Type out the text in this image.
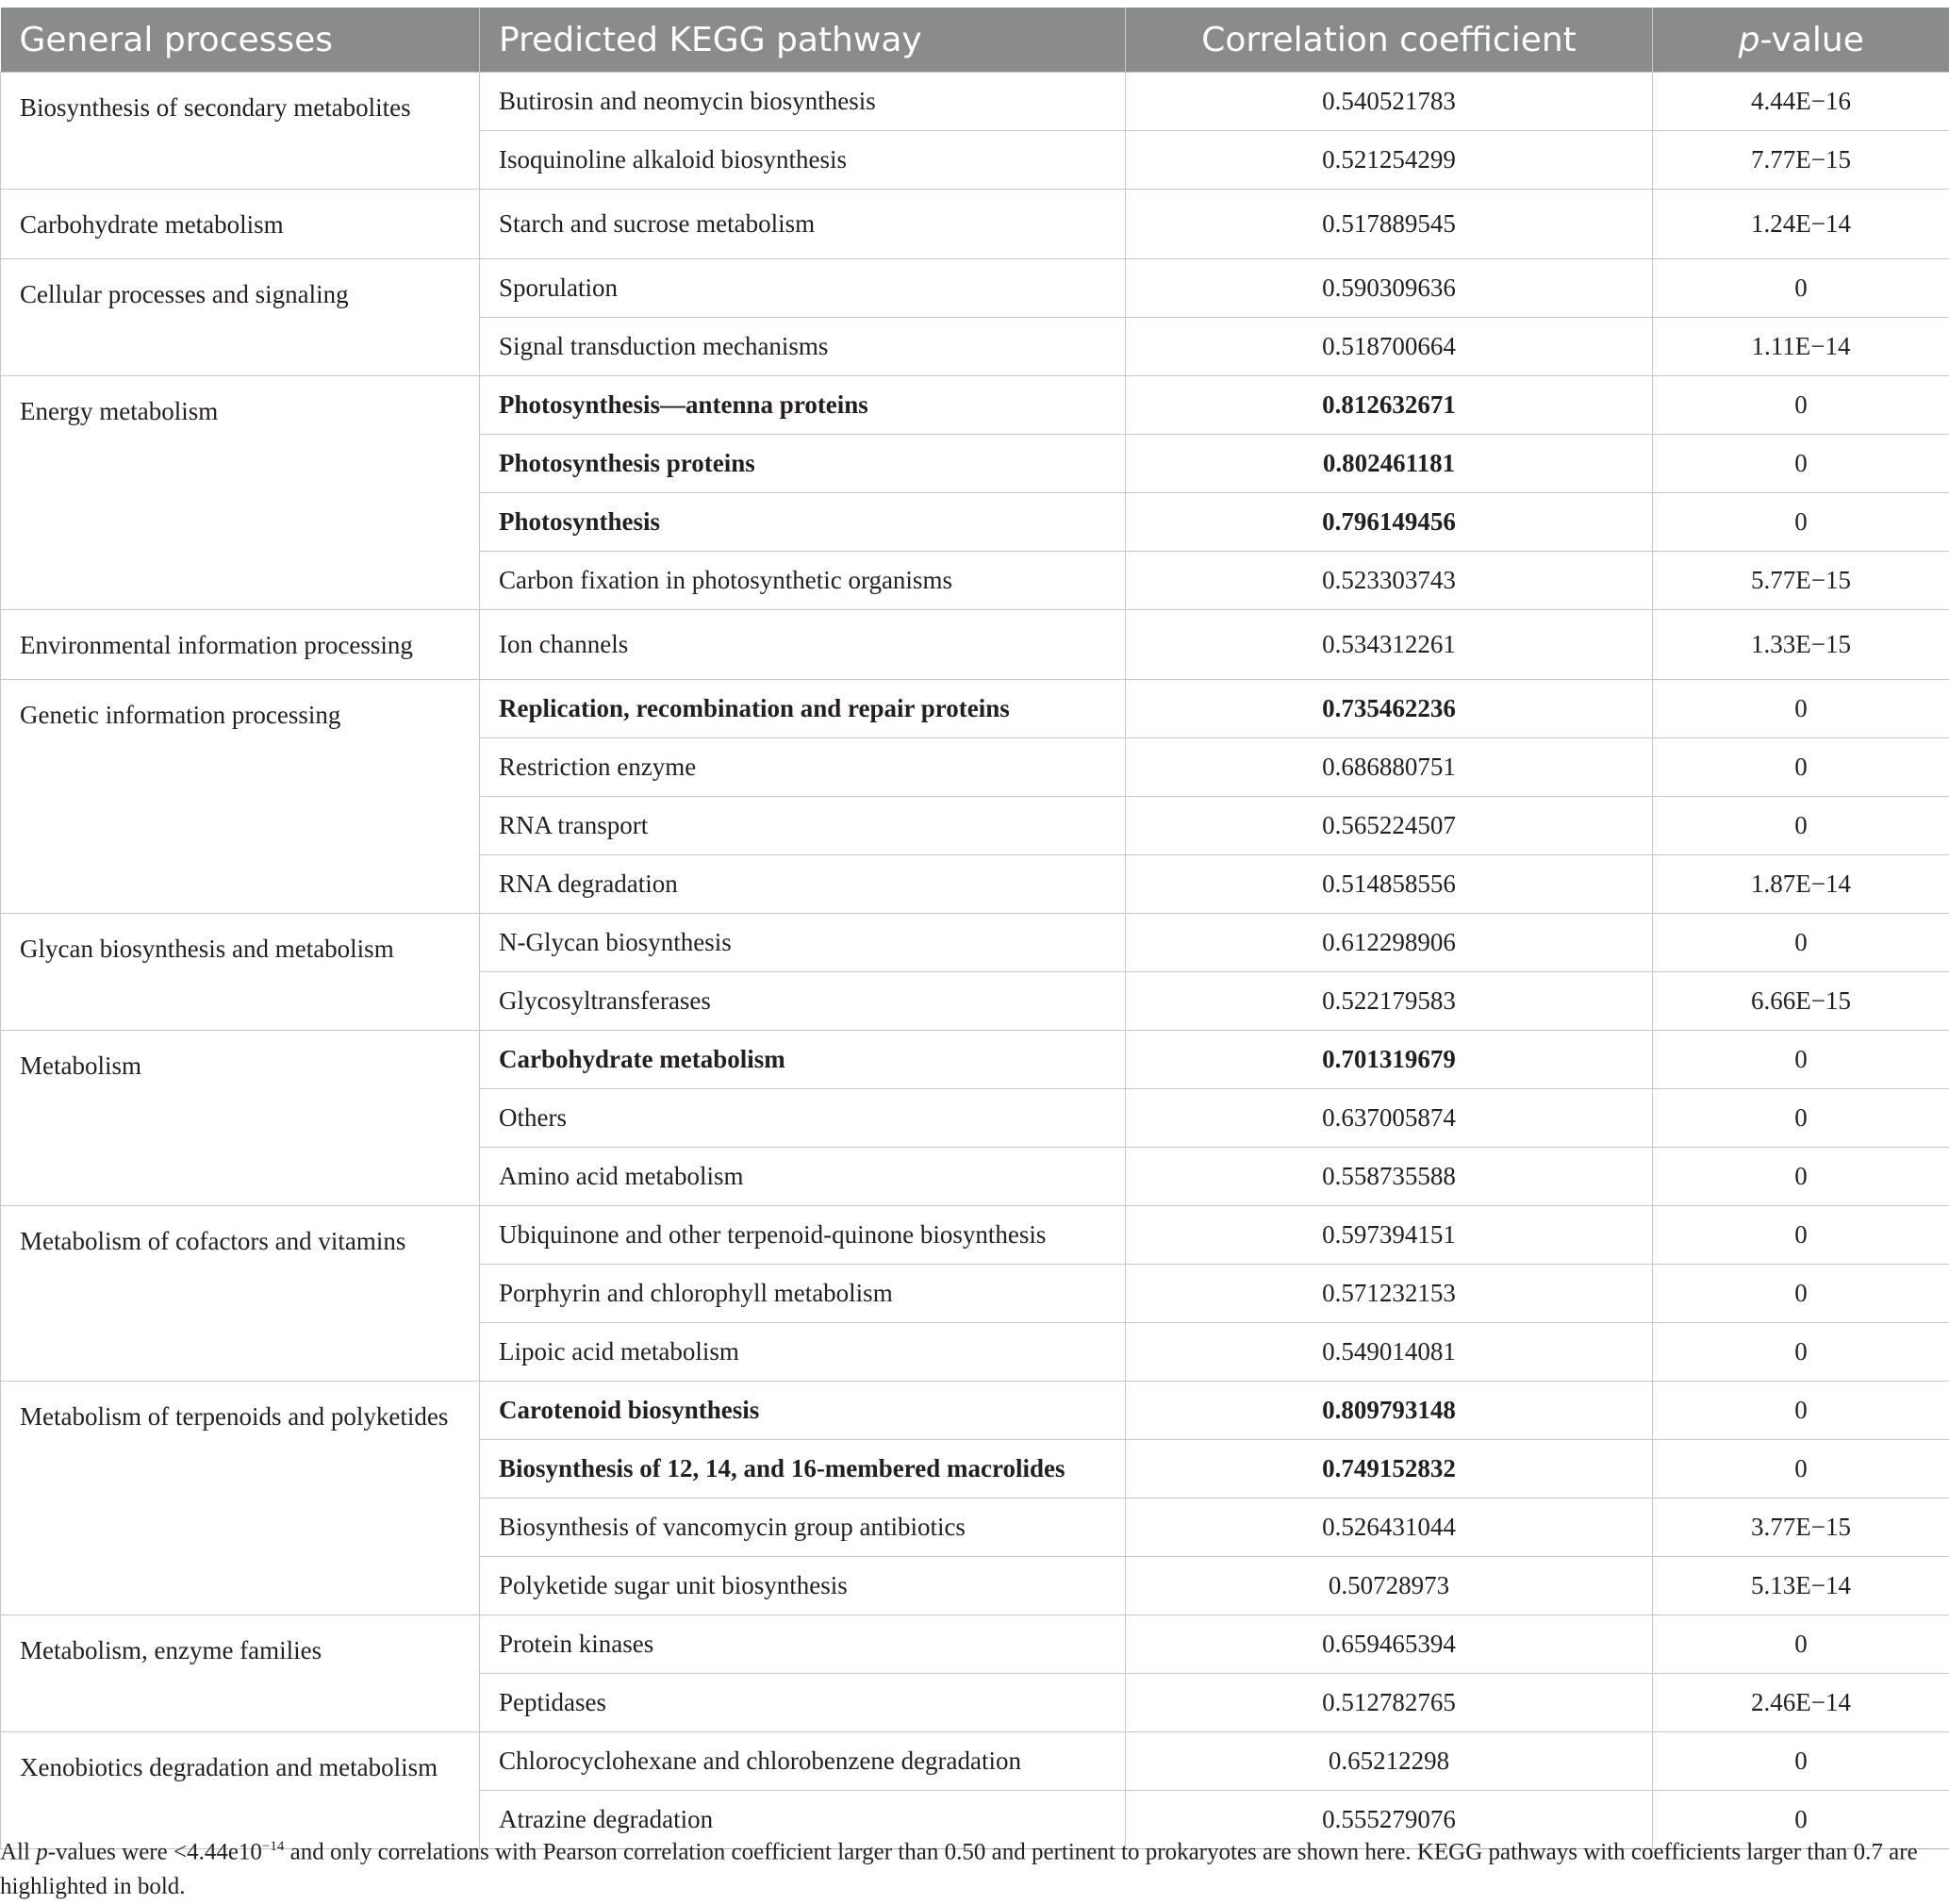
General processes	Predicted KEGG pathway	Correlation coefficient	p-value
Biosynthesis of secondary metabolites	Butirosin and neomycin biosynthesis	0.540521783	4.44E−16
	Isoquinoline alkaloid biosynthesis	0.521254299	7.77E−15
Carbohydrate metabolism	Starch and sucrose metabolism	0.517889545	1.24E−14
Cellular processes and signaling	Sporulation	0.590309636	0
	Signal transduction mechanisms	0.518700664	1.11E−14
Energy metabolism	Photosynthesis—antenna proteins	0.812632671	0
	Photosynthesis proteins	0.802461181	0
	Photosynthesis	0.796149456	0
	Carbon fixation in photosynthetic organisms	0.523303743	5.77E−15
Environmental information processing	Ion channels	0.534312261	1.33E−15
Genetic information processing	Replication, recombination and repair proteins	0.735462236	0
	Restriction enzyme	0.686880751	0
	RNA transport	0.565224507	0
	RNA degradation	0.514858556	1.87E−14
Glycan biosynthesis and metabolism	N-Glycan biosynthesis	0.612298906	0
	Glycosyltransferases	0.522179583	6.66E−15
Metabolism	Carbohydrate metabolism	0.701319679	0
	Others	0.637005874	0
	Amino acid metabolism	0.558735588	0
Metabolism of cofactors and vitamins	Ubiquinone and other terpenoid-quinone biosynthesis	0.597394151	0
	Porphyrin and chlorophyll metabolism	0.571232153	0
	Lipoic acid metabolism	0.549014081	0
Metabolism of terpenoids and polyketides	Carotenoid biosynthesis	0.809793148	0
	Biosynthesis of 12, 14, and 16-membered macrolides	0.749152832	0
	Biosynthesis of vancomycin group antibiotics	0.526431044	3.77E−15
	Polyketide sugar unit biosynthesis	0.50728973	5.13E−14
Metabolism, enzyme families	Protein kinases	0.659465394	0
	Peptidases	0.512782765	2.46E−14
Xenobiotics degradation and metabolism	Chlorocyclohexane and chlorobenzene degradation	0.65212298	0
	Atrazine degradation	0.555279076	0
All p-values were $<4.44e10^{-14}$ and only correlations with Pearson correlation coefficient larger than 0.50 and pertinent to prokaryotes are shown here. KEGG pathways with coefficients larger than 0.7 are highlighted in bold.
